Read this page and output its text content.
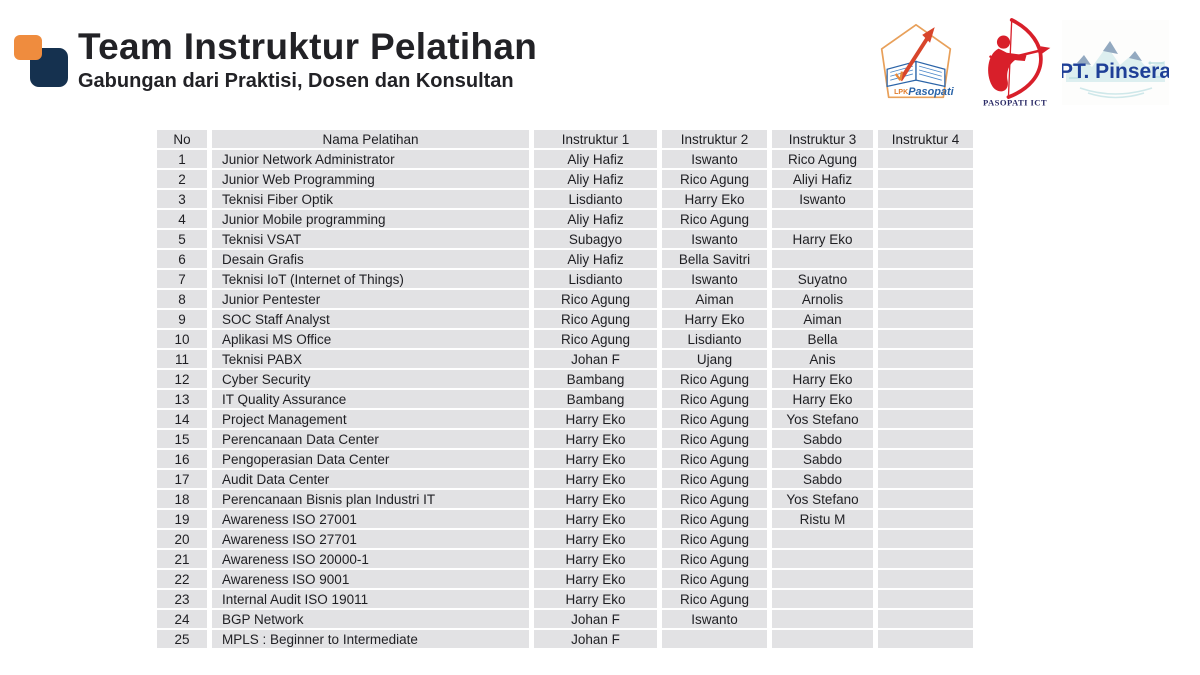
Team Instruktur Pelatihan
Gabungan dari Praktisi, Dosen dan Konsultan
LPK Pasopati
PASOPATI ICT
PT. Pinsera
No	Nama Pelatihan	Instruktur 1	Instruktur 2	Instruktur 3	Instruktur 4
1	Junior Network Administrator	Aliy Hafiz	Iswanto	Rico Agung	
2	Junior Web Programming	Aliy Hafiz	Rico Agung	Aliyi Hafiz	
3	Teknisi Fiber Optik	Lisdianto	Harry Eko	Iswanto	
4	Junior Mobile programming	Aliy Hafiz	Rico Agung		
5	Teknisi VSAT	Subagyo	Iswanto	Harry Eko	
6	Desain Grafis	Aliy Hafiz	Bella Savitri		
7	Teknisi IoT (Internet of Things)	Lisdianto	Iswanto	Suyatno	
8	Junior Pentester	Rico Agung	Aiman	Arnolis	
9	SOC Staff Analyst	Rico Agung	Harry Eko	Aiman	
10	Aplikasi MS Office	Rico Agung	Lisdianto	Bella	
11	Teknisi PABX	Johan F	Ujang	Anis	
12	Cyber Security	Bambang	Rico Agung	Harry Eko	
13	IT Quality Assurance	Bambang	Rico Agung	Harry Eko	
14	Project Management	Harry Eko	Rico Agung	Yos Stefano	
15	Perencanaan Data Center	Harry Eko	Rico Agung	Sabdo	
16	Pengoperasian Data Center	Harry Eko	Rico Agung	Sabdo	
17	Audit Data Center	Harry Eko	Rico Agung	Sabdo	
18	Perencanaan Bisnis plan Industri IT	Harry Eko	Rico Agung	Yos Stefano	
19	Awareness ISO 27001	Harry Eko	Rico Agung	Ristu M	
20	Awareness ISO 27701	Harry Eko	Rico Agung		
21	Awareness ISO 20000-1	Harry Eko	Rico Agung		
22	Awareness ISO 9001	Harry Eko	Rico Agung		
23	Internal Audit ISO 19011	Harry Eko	Rico Agung		
24	BGP Network	Johan F	Iswanto		
25	MPLS : Beginner to Intermediate	Johan F			
